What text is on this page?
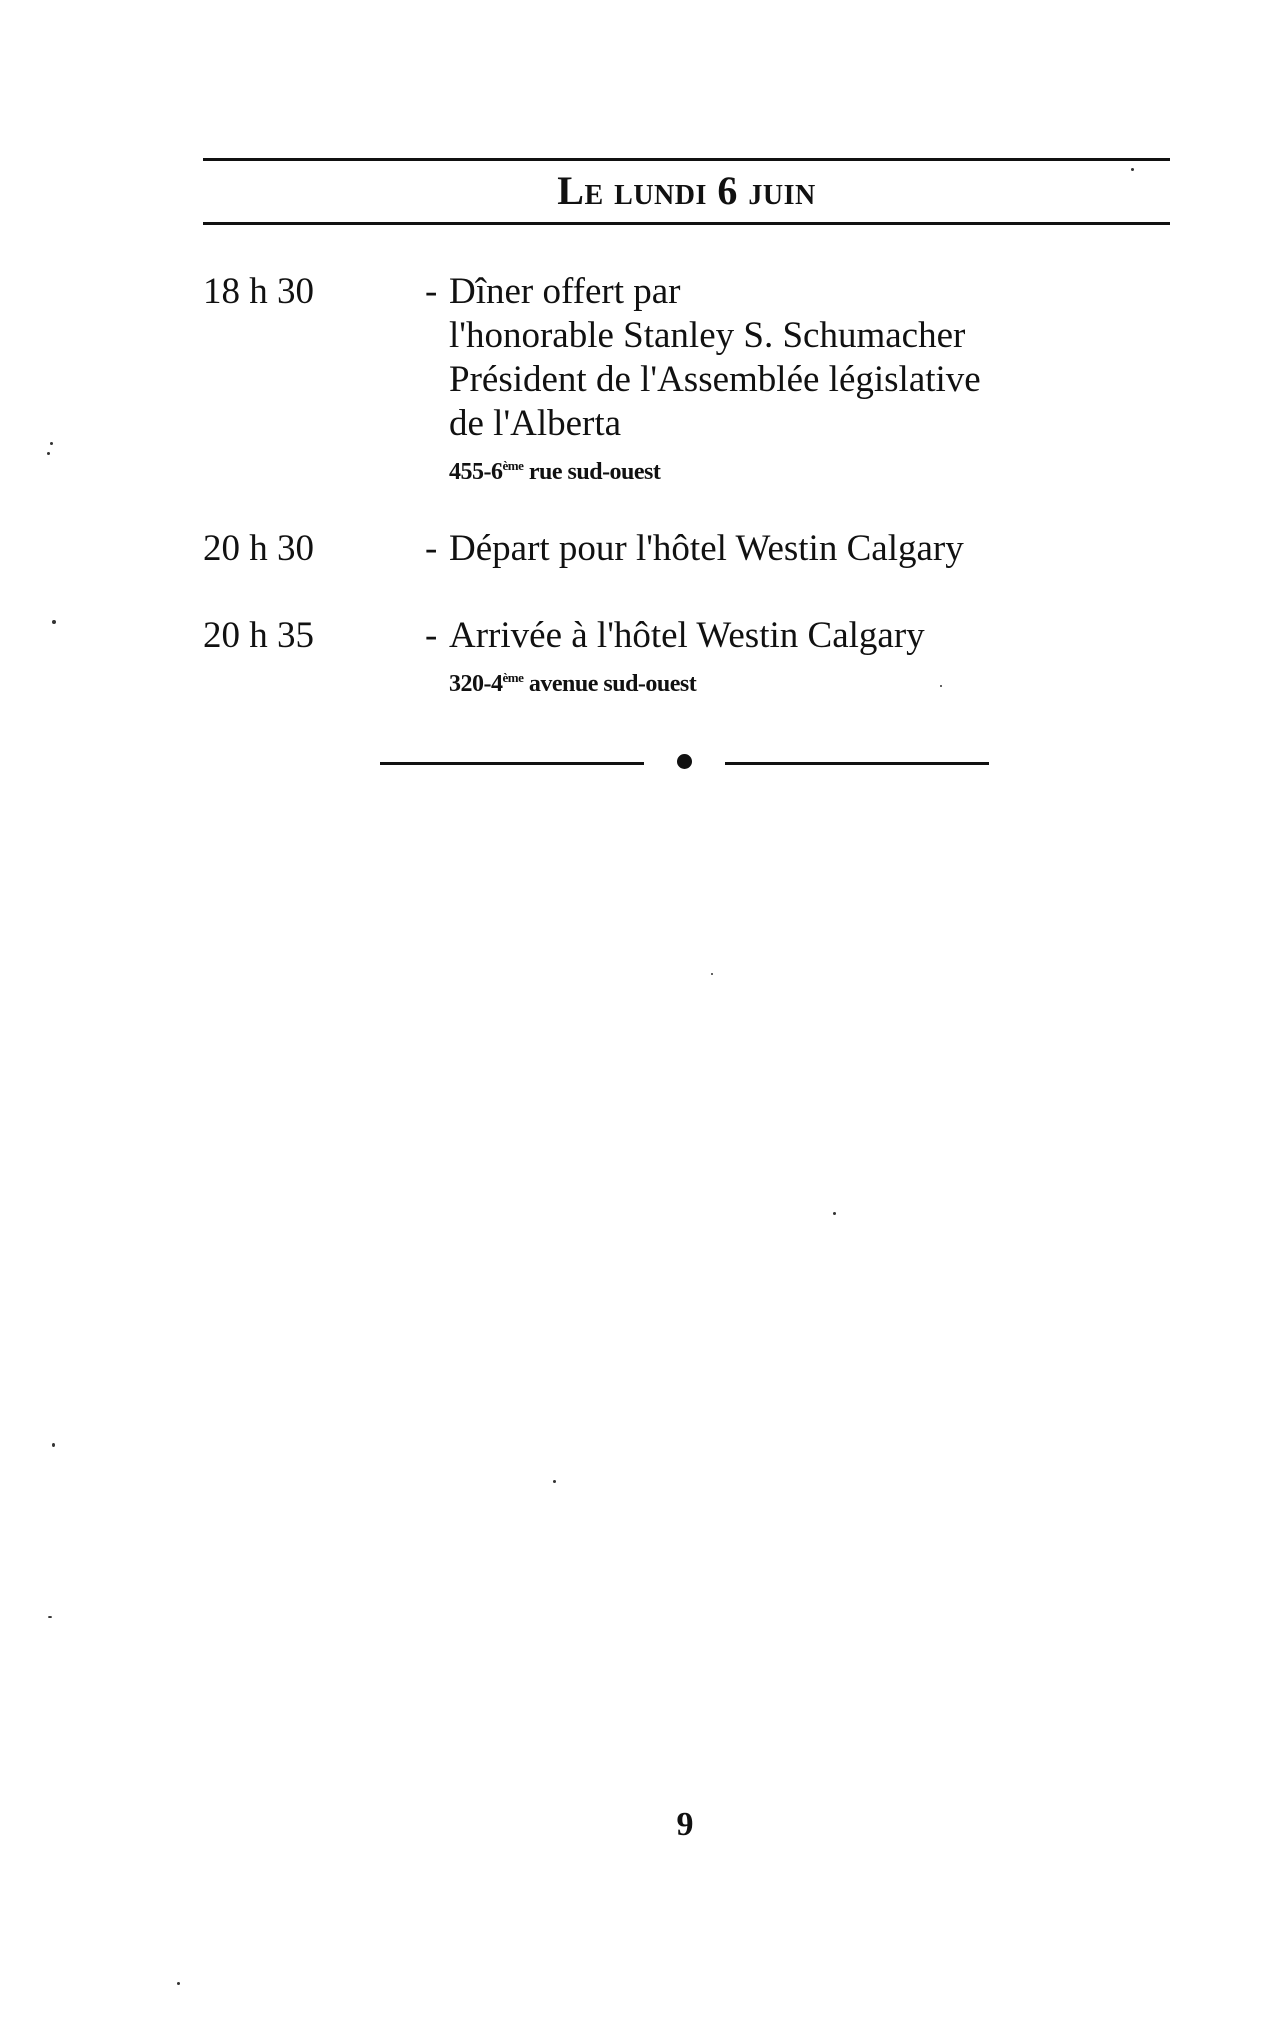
Le lundi 6 juin
18 h 30	- Dîner offert par
l'honorable Stanley S. Schumacher
Président de l'Assemblée législative
de l'Alberta
455-6ème rue sud-ouest
20 h 30	- Départ pour l'hôtel Westin Calgary
20 h 35	- Arrivée à l'hôtel Westin Calgary
320-4ème avenue sud-ouest
9
